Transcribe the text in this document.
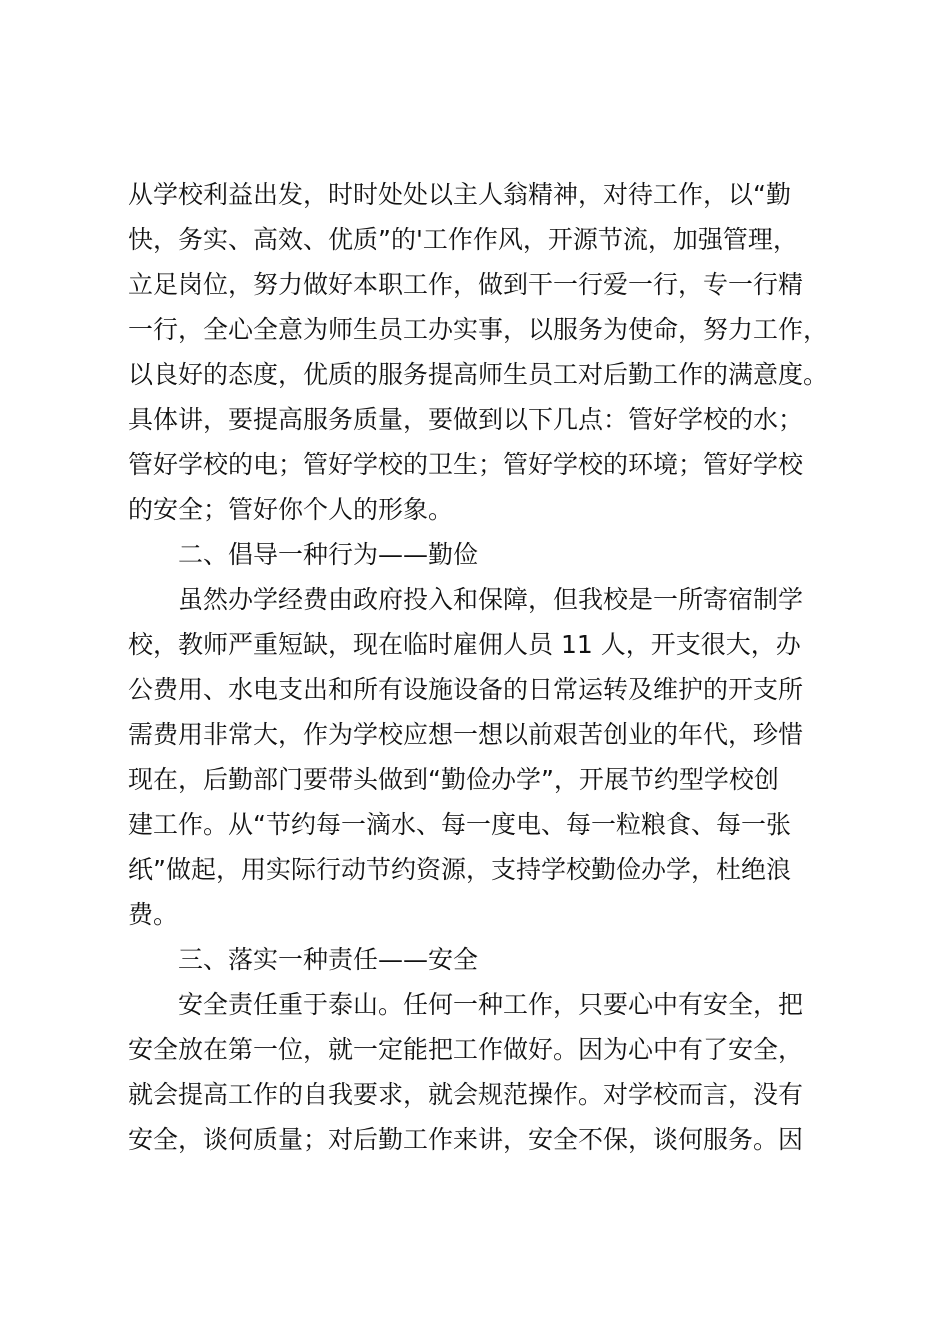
从学校利益出发，时时处处以主人翁精神，对待工作，以“勤
快，务实、高效、优质”的'工作作风，开源节流，加强管理，
立足岗位，努力做好本职工作，做到干一行爱一行，专一行精
一行，全心全意为师生员工办实事，以服务为使命，努力工作，
以良好的态度，优质的服务提高师生员工对后勤工作的满意度。
具体讲，要提高服务质量，要做到以下几点：管好学校的水；
管好学校的电；管好学校的卫生；管好学校的环境；管好学校
的安全；管好你个人的形象。
二、倡导一种行为——勤俭
虽然办学经费由政府投入和保障，但我校是一所寄宿制学
校，教师严重短缺，现在临时雇佣人员 11 人，开支很大，办
公费用、水电支出和所有设施设备的日常运转及维护的开支所
需费用非常大，作为学校应想一想以前艰苦创业的年代，珍惜
现在，后勤部门要带头做到“勤俭办学”，开展节约型学校创
建工作。从“节约每一滴水、每一度电、每一粒粮食、每一张
纸”做起，用实际行动节约资源，支持学校勤俭办学，杜绝浪
费。
三、落实一种责任——安全
安全责任重于泰山。任何一种工作，只要心中有安全，把
安全放在第一位，就一定能把工作做好。因为心中有了安全，
就会提高工作的自我要求，就会规范操作。对学校而言，没有
安全，谈何质量；对后勤工作来讲，安全不保，谈何服务。因
